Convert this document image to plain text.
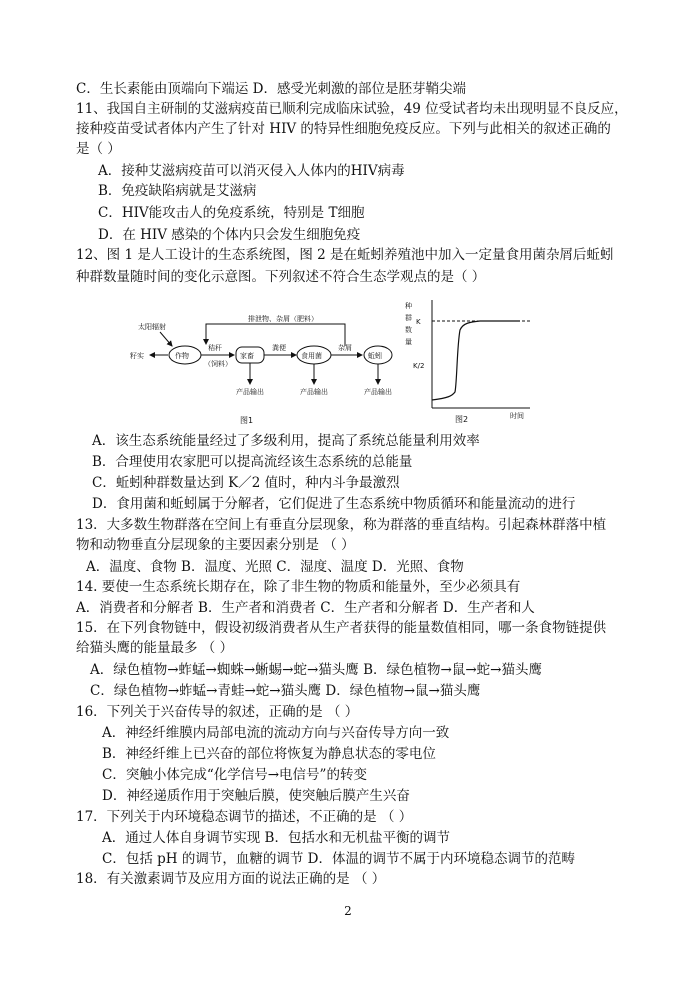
C．生长素能由顶端向下端运 D．感受光刺激的部位是胚芽鞘尖端
11、我国自主研制的艾滋病疫苗已顺利完成临床试验，49 位受试者均未出现明显不良反应，
接种疫苗受试者体内产生了针对 HIV 的特异性细胞免疫反应。下列与此相关的叙述正确的
是（ ）
A．接种艾滋病疫苗可以消灭侵入人体内的HIV病毒
B．免疫缺陷病就是艾滋病
C．HIV能攻击人的免疫系统，特别是 T细胞
D．在 HIV 感染的个体内只会发生细胞免疫
12、图 1 是人工设计的生态系统图，图 2 是在蚯蚓养殖池中加入一定量食用菌杂屑后蚯蚓
种群数量随时间的变化示意图。下列叙述不符合生态学观点的是（ ）
太阳辐射
排泄物、杂屑（肥料）
籽实	作物
秸秆
（饲料）
家畜
粪便
食用菌
杂屑
蚯蚓
产品输出	产品输出	产品输出
图1
种
群
数
量
K
K/2
图2	时间
A．该生态系统能量经过了多级利用，提高了系统总能量利用效率
B．合理使用农家肥可以提高流经该生态系统的总能量
C．蚯蚓种群数量达到 K／2 值时，种内斗争最激烈
D．食用菌和蚯蚓属于分解者，它们促进了生态系统中物质循环和能量流动的进行
13．大多数生物群落在空间上有垂直分层现象，称为群落的垂直结构。引起森林群落中植
物和动物垂直分层现象的主要因素分别是 （ ）
A．温度、食物 B．温度、光照 C．湿度、温度 D．光照、食物
14. 要使一生态系统长期存在，除了非生物的物质和能量外，至少必须具有
A．消费者和分解者 B．生产者和消费者 C．生产者和分解者 D．生产者和人
15．在下列食物链中，假设初级消费者从生产者获得的能量数值相同，哪一条食物链提供
给猫头鹰的能量最多 （ ）
A．绿色植物→蚱蜢→蜘蛛→蜥蜴→蛇→猫头鹰 B．绿色植物→鼠→蛇→猫头鹰
C．绿色植物→蚱蜢→青蛙→蛇→猫头鹰 D．绿色植物→鼠→猫头鹰
16．下列关于兴奋传导的叙述，正确的是 （ ）
A．神经纤维膜内局部电流的流动方向与兴奋传导方向一致
B．神经纤维上已兴奋的部位将恢复为静息状态的零电位
C．突触小体完成“化学信号→电信号”的转变
D．神经递质作用于突触后膜，使突触后膜产生兴奋
17．下列关于内环境稳态调节的描述，不正确的是 （ ）
A．通过人体自身调节实现 B．包括水和无机盐平衡的调节
C．包括 pH 的调节，血糖的调节 D．体温的调节不属于内环境稳态调节的范畴
18．有关激素调节及应用方面的说法正确的是 （ ）
2
